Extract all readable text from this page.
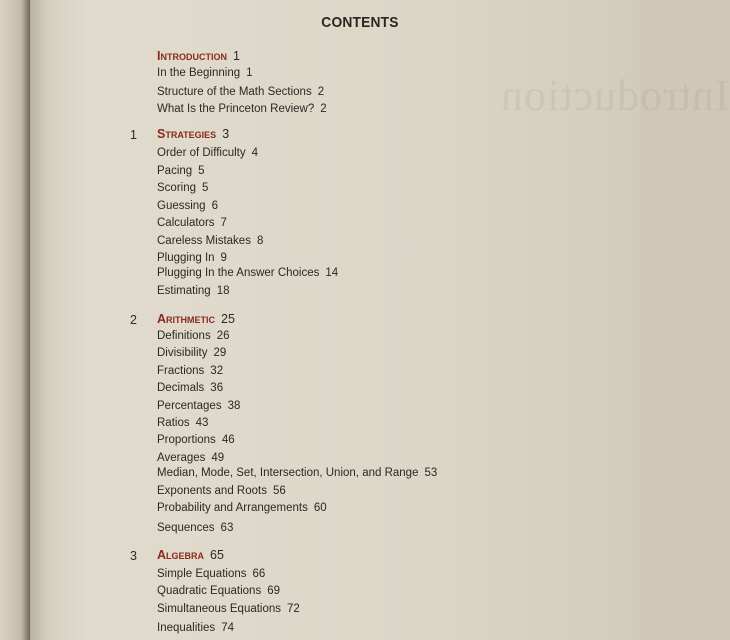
Introduction
CONTENTS
Introduction 1
In the Beginning 1
Structure of the Math Sections 2
What Is the Princeton Review? 2
1 Strategies 3
Order of Difficulty 4
Pacing 5
Scoring 5
Guessing 6
Calculators 7
Careless Mistakes 8
Plugging In 9
Plugging In the Answer Choices 14
Estimating 18
2 Arithmetic 25
Definitions 26
Divisibility 29
Fractions 32
Decimals 36
Percentages 38
Ratios 43
Proportions 46
Averages 49
Median, Mode, Set, Intersection, Union, and Range 53
Exponents and Roots 56
Probability and Arrangements 60
Sequences 63
3 Algebra 65
Simple Equations 66
Quadratic Equations 69
Simultaneous Equations 72
Inequalities 74
